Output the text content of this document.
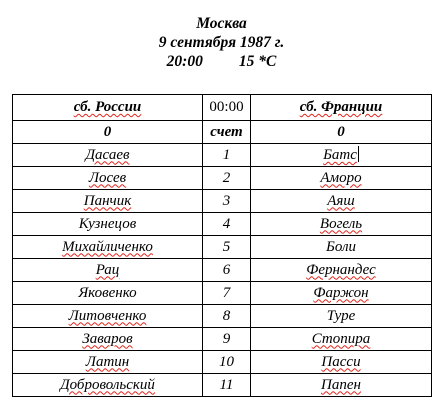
Москва
9 сентября 1987 г.
20:00 15 *С
сб. России	00:00	сб. Франции
0	счет	0
Дасаев	1	Батс
Лосев	2	Аморо
Панчик	3	Аяш
Кузнецов	4	Вогель
Михайличенко	5	Боли
Рац	6	Фернандес
Яковенко	7	Фаржон
Литовченко	8	Туре
Заваров	9	Стопира
Латин	10	Пасси
Добровольский	11	Папен
